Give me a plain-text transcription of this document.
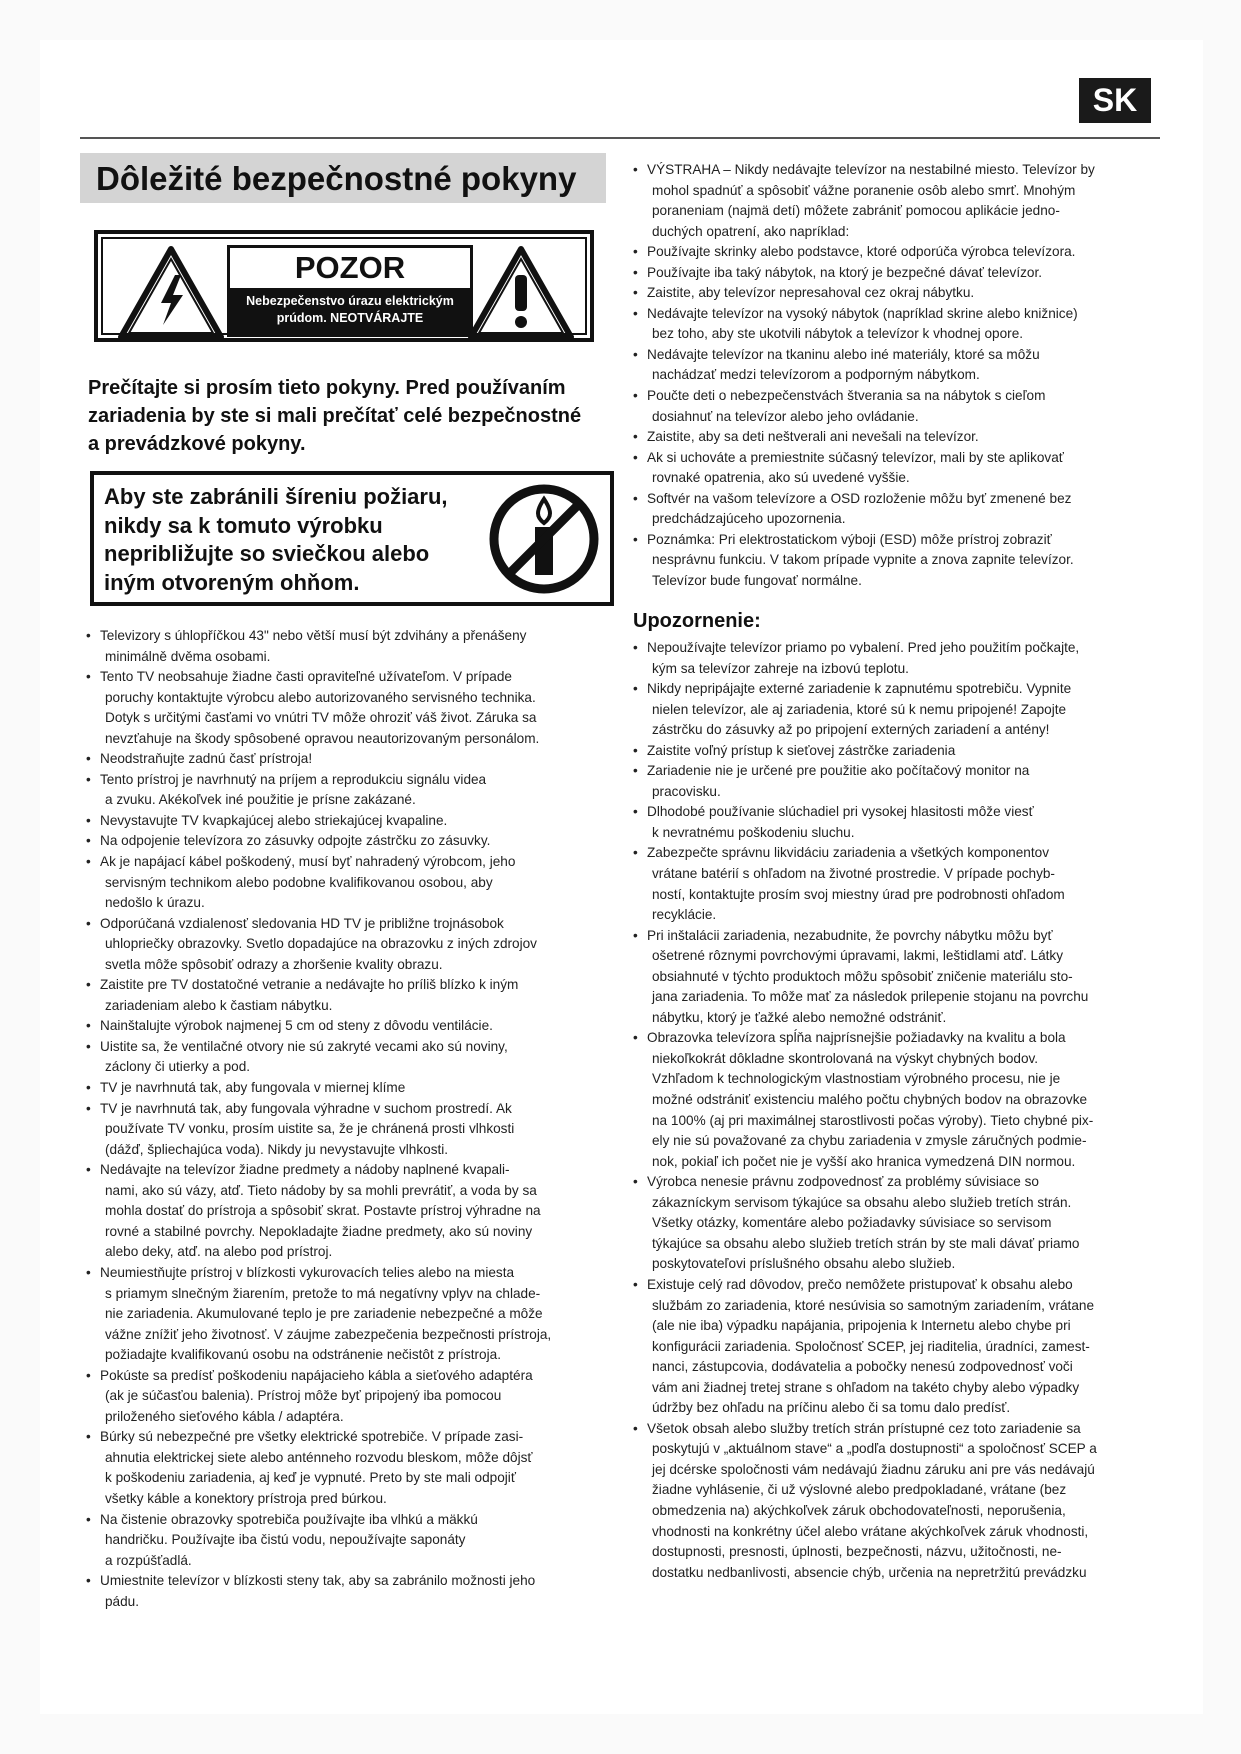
SK
Dôležité bezpečnostné pokyny
POZOR
Nebezpečenstvo úrazu elektrickým
prúdom. NEOTVÁRAJTE

Prečítajte si prosím tieto pokyny. Pred používaním
zariadenia by ste si mali prečítať celé bezpečnostné
a prevádzkové pokyny.

Aby ste zabránili šíreniu požiaru,
nikdy sa k tomuto výrobku
nepribližujte so sviečkou alebo
iným otvoreným ohňom.
• Televizory s úhlopříčkou 43" nebo větší musí být zdvihány a přenášeny
minimálně dvěma osobami.
• Tento TV neobsahuje žiadne časti opraviteľné užívateľom. V prípade
poruchy kontaktujte výrobcu alebo autorizovaného servisného technika.
Dotyk s určitými časťami vo vnútri TV môže ohroziť váš život. Záruka sa
nevzťahuje na škody spôsobené opravou neautorizovaným personálom.
• Neodstraňujte zadnú časť prístroja!
• Tento prístroj je navrhnutý na príjem a reprodukciu signálu videa
a zvuku. Akékoľvek iné použitie je prísne zakázané.
• Nevystavujte TV kvapkajúcej alebo striekajúcej kvapaline.
• Na odpojenie televízora zo zásuvky odpojte zástrčku zo zásuvky.
• Ak je napájací kábel poškodený, musí byť nahradený výrobcom, jeho
servisným technikom alebo podobne kvalifikovanou osobou, aby
nedošlo k úrazu.
• Odporúčaná vzdialenosť sledovania HD TV je približne trojnásobok
uhlopriečky obrazovky. Svetlo dopadajúce na obrazovku z iných zdrojov
svetla môže spôsobiť odrazy a zhoršenie kvality obrazu.
• Zaistite pre TV dostatočné vetranie a nedávajte ho príliš blízko k iným
zariadeniam alebo k častiam nábytku.
• Nainštalujte výrobok najmenej 5 cm od steny z dôvodu ventilácie.
• Uistite sa, že ventilačné otvory nie sú zakryté vecami ako sú noviny,
záclony či utierky a pod.
• TV je navrhnutá tak, aby fungovala v miernej klíme
• TV je navrhnutá tak, aby fungovala výhradne v suchom prostredí. Ak
používate TV vonku, prosím uistite sa, že je chránená prosti vlhkosti
(dážď, špliechajúca voda). Nikdy ju nevystavujte vlhkosti.
• Nedávajte na televízor žiadne predmety a nádoby naplnené kvapali-
nami, ako sú vázy, atď. Tieto nádoby by sa mohli prevrátiť, a voda by sa
mohla dostať do prístroja a spôsobiť skrat. Postavte prístroj výhradne na
rovné a stabilné povrchy. Nepokladajte žiadne predmety, ako sú noviny
alebo deky, atď. na alebo pod prístroj.
• Neumiestňujte prístroj v blízkosti vykurovacích telies alebo na miesta
s priamym slnečným žiarením, pretože to má negatívny vplyv na chlade-
nie zariadenia. Akumulované teplo je pre zariadenie nebezpečné a môže
vážne znížiť jeho životnosť. V záujme zabezpečenia bezpečnosti prístroja,
požiadajte kvalifikovanú osobu na odstránenie nečistôt z prístroja.
• Pokúste sa predísť poškodeniu napájacieho kábla a sieťového adaptéra
(ak je súčasťou balenia). Prístroj môže byť pripojený iba pomocou
priloženého sieťového kábla / adaptéra.
• Búrky sú nebezpečné pre všetky elektrické spotrebiče. V prípade zasi-
ahnutia elektrickej siete alebo anténneho rozvodu bleskom, môže dôjsť
k poškodeniu zariadenia, aj keď je vypnuté. Preto by ste mali odpojiť
všetky káble a konektory prístroja pred búrkou.
• Na čistenie obrazovky spotrebiča používajte iba vlhkú a mäkkú
handričku. Používajte iba čistú vodu, nepoužívajte saponáty
a rozpúšťadlá.
• Umiestnite televízor v blízkosti steny tak, aby sa zabránilo možnosti jeho
pádu.
• VÝSTRAHA – Nikdy nedávajte televízor na nestabilné miesto. Televízor by
mohol spadnúť a spôsobiť vážne poranenie osôb alebo smrť. Mnohým
poraneniam (najmä detí) môžete zabrániť pomocou aplikácie jedno-
duchých opatrení, ako napríklad:
• Používajte skrinky alebo podstavce, ktoré odporúča výrobca televízora.
• Používajte iba taký nábytok, na ktorý je bezpečné dávať televízor.
• Zaistite, aby televízor nepresahoval cez okraj nábytku.
• Nedávajte televízor na vysoký nábytok (napríklad skrine alebo knižnice)
bez toho, aby ste ukotvili nábytok a televízor k vhodnej opore.
• Nedávajte televízor na tkaninu alebo iné materiály, ktoré sa môžu
nachádzať medzi televízorom a podporným nábytkom.
• Poučte deti o nebezpečenstvách štverania sa na nábytok s cieľom
dosiahnuť na televízor alebo jeho ovládanie.
• Zaistite, aby sa deti neštverali ani nevešali na televízor.
• Ak si uchováte a premiestnite súčasný televízor, mali by ste aplikovať
rovnaké opatrenia, ako sú uvedené vyššie.
• Softvér na vašom televízore a OSD rozloženie môžu byť zmenené bez
predchádzajúceho upozornenia.
• Poznámka: Pri elektrostatickom výboji (ESD) môže prístroj zobraziť
nesprávnu funkciu. V takom prípade vypnite a znova zapnite televízor.
Televízor bude fungovať normálne.
Upozornenie:
• Nepoužívajte televízor priamo po vybalení. Pred jeho použitím počkajte,
kým sa televízor zahreje na izbovú teplotu.
• Nikdy nepripájajte externé zariadenie k zapnutému spotrebiču. Vypnite
nielen televízor, ale aj zariadenia, ktoré sú k nemu pripojené! Zapojte
zástrčku do zásuvky až po pripojení externých zariadení a antény!
• Zaistite voľný prístup k sieťovej zástrčke zariadenia
• Zariadenie nie je určené pre použitie ako počítačový monitor na
pracovisku.
• Dlhodobé používanie slúchadiel pri vysokej hlasitosti môže viesť
k nevratnému poškodeniu sluchu.
• Zabezpečte správnu likvidáciu zariadenia a všetkých komponentov
vrátane batérií s ohľadom na životné prostredie. V prípade pochyb-
ností, kontaktujte prosím svoj miestny úrad pre podrobnosti ohľadom
recyklácie.
• Pri inštalácii zariadenia, nezabudnite, že povrchy nábytku môžu byť
ošetrené rôznymi povrchovými úpravami, lakmi, leštidlami atď. Látky
obsiahnuté v týchto produktoch môžu spôsobiť zničenie materiálu sto-
jana zariadenia. To môže mať za následok prilepenie stojanu na povrchu
nábytku, ktorý je ťažké alebo nemožné odstrániť.
• Obrazovka televízora spĺňa najprísnejšie požiadavky na kvalitu a bola
niekoľkokrát dôkladne skontrolovaná na výskyt chybných bodov.
Vzhľadom k technologickým vlastnostiam výrobného procesu, nie je
možné odstrániť existenciu malého počtu chybných bodov na obrazovke
na 100% (aj pri maximálnej starostlivosti počas výroby). Tieto chybné pix-
ely nie sú považované za chybu zariadenia v zmysle záručných podmie-
nok, pokiaľ ich počet nie je vyšší ako hranica vymedzená DIN normou.
• Výrobca nenesie právnu zodpovednosť za problémy súvisiace so
zákazníckym servisom týkajúce sa obsahu alebo služieb tretích strán.
Všetky otázky, komentáre alebo požiadavky súvisiace so servisom
týkajúce sa obsahu alebo služieb tretích strán by ste mali dávať priamo
poskytovateľovi príslušného obsahu alebo služieb.
• Existuje celý rad dôvodov, prečo nemôžete pristupovať k obsahu alebo
službám zo zariadenia, ktoré nesúvisia so samotným zariadením, vrátane
(ale nie iba) výpadku napájania, pripojenia k Internetu alebo chybe pri
konfigurácii zariadenia. Spoločnosť SCEP, jej riaditelia, úradníci, zamest-
nanci, zástupcovia, dodávatelia a pobočky nenesú zodpovednosť voči
vám ani žiadnej tretej strane s ohľadom na takéto chyby alebo výpadky
údržby bez ohľadu na príčinu alebo či sa tomu dalo predísť.
• Všetok obsah alebo služby tretích strán prístupné cez toto zariadenie sa
poskytujú v „aktuálnom stave“ a „podľa dostupnosti“ a spoločnosť SCEP a
jej dcérske spoločnosti vám nedávajú žiadnu záruku ani pre vás nedávajú
žiadne vyhlásenie, či už výslovné alebo predpokladané, vrátane (bez
obmedzenia na) akýchkoľvek záruk obchodovateľnosti, neporušenia,
vhodnosti na konkrétny účel alebo vrátane akýchkoľvek záruk vhodnosti,
dostupnosti, presnosti, úplnosti, bezpečnosti, názvu, užitočnosti, ne-
dostatku nedbanlivosti, absencie chýb, určenia na nepretržitú prevádzku
